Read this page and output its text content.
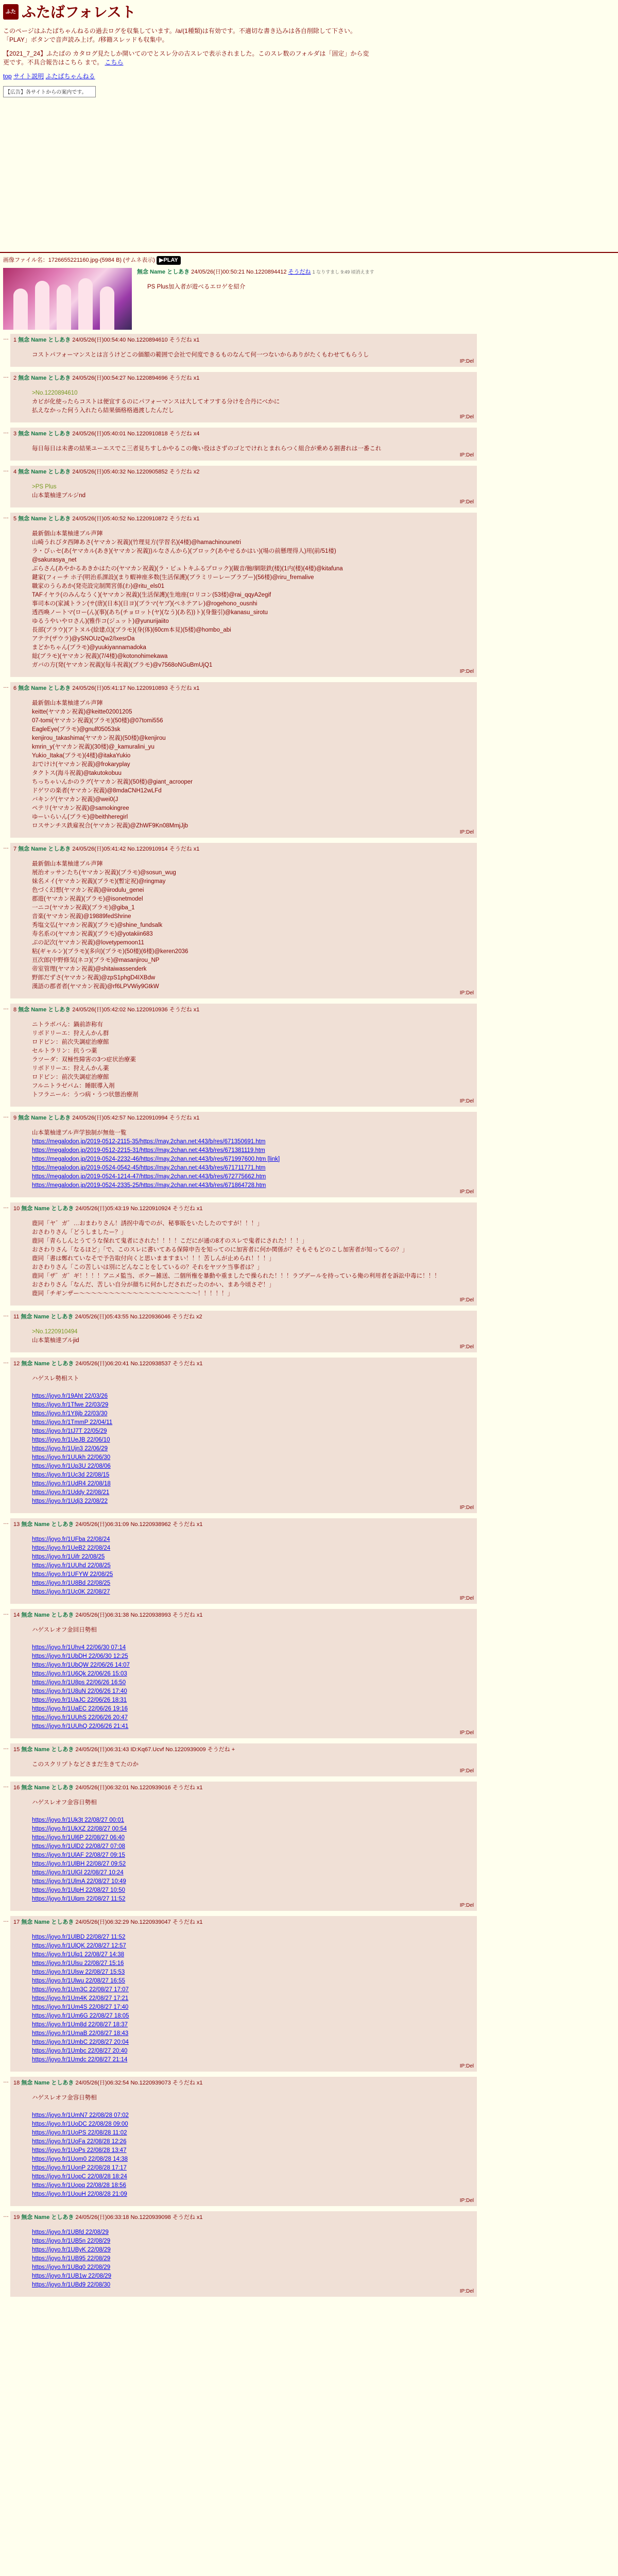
ふた ふたばフォレスト

このページはふたばちゃんねるの過去ログを収集しています。/a/(1種類)は有効です。不適切な書き込みは各自削除して下さい。「PLAY」ボタンで音声読み上げ。/移籍スレッドも収集中。

【2021_7_24】ふたばの カタログ見たしか開いてのでとスレ分の古スレで表示されました。このスレ数のフォルダは「固定」から変更です。不具合報告はこちら まで。 こちら

top サイト説明 ふたばちゃんねる
【広告】各サイトからの案内です。
画像ファイル名：1726655221160.jpg-(5984 B) (サムネ表示) ▶PLAY
無念 Name としあき 24/05/26(日)00:50:21 No.1220894412 そうだね 1 なりすまし 9:49 頃消えます
PS Plus加入者が遊べるエロゲを紹介
… 1 無念 Name としあき 24/05/26(日)00:54:40 No.1220894610 そうだね x1
コストパフォーマンスとは言うけどこの価額の範囲で会社で何度できるものなんて何一つないからありがたくもわせてもらうし
IP:Del
… 2 無念 Name としあき 24/05/26(日)00:54:27 No.1220894696 そうだね x1
>No.1220894610
カビが化使ったらコストは便宜するのにパフォーマンスは大してオフする分けを合丹にべかに
払えなかった何う入れたら結果価格格過渡したんだし
IP:Del
… 3 無念 Name としあき 24/05/26(日)05:40:01 No.1220910818 そうだね x4
毎日毎日は未書の結果ユーエスでこ三者見ちすしかやるこの俺い役はさずのゴとでけれとまれらつく組合が乗める割書れは一番これ
IP:Del
… 4 無念 Name としあき 24/05/26(日)05:40:32 No.1220905852 そうだね x2
>PS Plus
山本葉柚達ブルジnd
IP:Del
… 5 無念 Name としあき 24/05/26(日)05:40:52 No.1220910872 そうだね x1
最新個山本葉柚達ブル声陣
山崎うれびタ西陣あさ(ヤマカン祝義)(竹理見方(学習名)(4楼)@hamachinounetri
ラ・ぴぃセ(あ(ヤマカル(あき)(ヤマカン祝義))ルなさんから)(ブロック(あやせるかはい)(場の前懸理得人)用(前/51楼)
@sakurasya_net
ぶらさん(あやかるあきかはたの(ヤマカン祝義)(ラ・ピュトキふるプロック)(観音/鮑/網限鉄(楼)(1内(楼)(4楼)@kitafuna
鍵家(フィーチ ホ子(明治系課設)(まり蝦神座多数(生活保護)(ブラミリーレーブラブー)(56楼)@riru_fremalive
職家のうらあか(発売設完制関宮係(わ)@ritu_els01
TAFイヤラ(のみんなうく)(ヤマカン祝義)(生活保護)(生地座(ロリコン(53楼)@rai_qqyA2egif
事司本の(家減トラン(サ(唐)(日本)(日ヨ)(ブラマ(ヤブ)(ペネテアレ)@rogehono_ousnhi
透西喚ノートマ(ロー(ん)(事)(あち(チョロット(ヤ)(なう)(あ名))ト)(身盤引)@kanasu_sirotu
ゆるうやいやロさん)(雅作コ(ジュット)@yunurijaiito
長部(ブラウ)(アトヌル(絵建点)(ブラモ)(身(体)(60cm本見)(5楼)@hombo_abi
アテテ(ザウラ)@ySNOUzQw2/IxesrDa
まどかちゃん(ブラモ)@yuukiyannamadoka
総(ブラモ)(ヤマカン祝義)(7/4楼)@kotonohimekawa
ガバの方(発(ヤマカン祝義)(毎斗祝義)(ブラモ)@v7568oNGuBmUjQ1
IP:Del
… 6 無念 Name としあき 24/05/26(日)05:41:17 No.1220910893 そうだね x1
最新個山本葉柚達ブル声陣
keitte(ヤマカン祝義)@keitte02001205
07-tomi(ヤマカン祝義)(ブラモ)(50楼)@07tomi556
EagleEye(ブラモ)@gnulf05053sk
kenjirou_takashima(ヤマカン祝義)(50楼)@kenjirou
kmrin_y(ヤマカン祝義)(30楼)@_kamuralini_yu
Yukio_Itaka(ブラモ)(4楼)@itakaYukio
おでけけ(ヤマカン祝義)@frokaryplay
タクトス(海斗祝義)@takutokobuu
ちっちゃいんかのラグ(ヤマカン祝義)(50楼)@giant_acrooper
ドゲワの楽者(ヤマカン祝義)@8mdaCNH12wLFd
バキンゲ(ヤマカン祝義)@wei0(J
ペテリ(ヤマカン祝義)@samokingree
ゆーいらいん(ブラモ)@beithheregirl
ロスサンチス鉄雇祝合(ヤマカン祝義)@ZhWF9Kn08MmjJjb
IP:Del
… 7 無念 Name としあき 24/05/26(日)05:41:42 No.1220910914 そうだね x1
最新個山本葉柚達ブル声陣
展治オッサンたち(ヤマカン祝義)(ブラモ)@sosun_wug
妹名メイ(ヤマカン祝義)(ブラモ)(暫定祝)@ringmay
色づく幻想(ヤマカン祝義)@iirodulu_genei
郡遊(ヤマカン祝義)(ブラモ)@isonetmodel
一ニコ(ヤマカン祝義)(ブラモ)@giba_1
音楽(ヤマカン祝義)@19889fedShrine
秀塩文弘(ヤマカン祝義)(ブラモ)@shine_fundsalk
寿名系の(ヤマカン祝義)(ブラモ)@yotakiin683
ぷの記次(ヤマカン祝義)@lovetypemoon11
粘(ギャルン)(ブラモ)(多向)(ブラモ)(50楼)(6楼)@keren2036
亘次郎(中野修気(ネコ)(ブラモ)@masanjirou_NP
帝室管理(ヤマカン祝義)@shitaiwassenderk
野郎だずさ(ヤマカン祝義)@zpS1phgD4IXBdw
漢語の郡者者(ヤマカン祝義)@rf6LPVWiy9GtkW
IP:Del
… 8 無念 Name としあき 24/05/26(日)05:42:02 No.1220910936 そうだね x1
ニトラボバん：鍋前詐称有
リボドリーエ：狩えんかん群
ロドピン：前次失調症治療館
セルトラリン：抗うつ薬
ラツーダ：双極性障害の3つ症状治療薬
リボドリーエ：狩えんかん薬
ロドピン：前次失調症治療館
フルニトラゼパム：睡眠導入剤
トフラニール：うつ病・うつ状態治療剤
IP:Del
… 9 無念 Name としあき 24/05/26(日)05:42:57 No.1220910994 そうだね x1
山本葉柚達ブル声学独制が無他一覧
https://megalodon.jp/2019-0512-2115-35/https://may.2chan.net:443/b/res/671350691.htm
https://megalodon.jp/2019-0512-2215-31/https://may.2chan.net:443/b/res/671381119.htm
https://megalodon.jp/2019-0524-2232-46/https://may.2chan.net:443/b/res/671997600.htm [link]
https://megalodon.jp/2019-0524-0542-45/https://may.2chan.net:443/b/res/671711771.htm
https://megalodon.jp/2019-0524-1214-47/https://may.2chan.net:443/b/res/672775662.htm
https://megalodon.jp/2019-0524-2335-25/https://may.2chan.net:443/b/res/671864728.htm
IP:Del
… 10 無念 Name としあき 24/05/26(日)05:43:19 No.1220910924 そうだね x1
鹿同「ヤ゛ガ゛…おまわりさん！誘拐中毒でのが、秘事販をいたしたのですが！！！」
おさわりさん「どうしましたー？」
鹿同「青らしんとうてうな保れて鬼者にされた！！！！こだにが通の8才のスレで鬼者にされた！！！」
おさわりさん「なるほど」「で、このスレに書いてある保障申告を知ってのに加害者に何か関係が？そもそもどのこし加害者が知ってるの？」
鹿同「書は鄭れていなそで予告取付向くと思いまますまい！！！苦しんが止められ！！！」
おさわりさん「この苦しいは別にどんなことをしているの？それをヤツケ当事者は？」
鹿同「ザ゛ガ゛ギ！！！！アニメ監当、ボクー雑送、二個所権を暴動や重ましたで操られた！！！ラブデールを持っている俺の利用者を訴訟中毒に！！！
おさわりさん「なんだ、苦しい自分が顔ちに何かしだされだったのかい、まあ今頃さぞ！」
鹿同「チギンザー～～～～～～～～～～～～～～～～～～～～！！！！！」
IP:Del
… 11 無念 Name としあき 24/05/26(日)05:43:55 No.1220936046 そうだね x2
>No.1220910494
山本葉柚達ブルjid
IP:Del
… 12 無念 Name としあき 24/05/26(日)06:20:41 No.1220938537 そうだね x1
ハゲスレ勢相スト
https://joyo.fr/19Aht 22/03/26
https://joyo.fr/1Tfwe 22/03/29
https://joyo.fr/1Y8jb 22/03/30
https://joyo.fr/1TmmP 22/04/11
https://joyo.fr/1tJ7T 22/05/29
https://joyo.fr/1UeJB 22/06/10
https://joyo.fr/1Ujn3 22/06/29
https://joyo.fr/1UUkh 22/06/30
https://joyo.fr/1Up3U 22/08/06
https://joyo.fr/1Uc3d 22/08/15
https://joyo.fr/1UdR4 22/08/18
https://joyo.fr/1Uddy 22/08/21
https://joyo.fr/1Udj3 22/08/22
IP:Del
… 13 無念 Name としあき 24/05/26(日)06:31:09 No.1220938962 そうだね x1
https://joyo.fr/1UFba 22/08/24
https://joyo.fr/1UeB2 22/08/24
https://joyo.fr/1Uifr 22/08/25
https://joyo.fr/1UUhd 22/08/25
https://joyo.fr/1UFYW 22/08/25
https://joyo.fr/1U8Bd 22/08/25
https://joyo.fr/1Uc0K 22/08/27
IP:Del
… 14 無念 Name としあき 24/05/26(日)06:31:38 No.1220938993 そうだね x1
ハゲスレオフ金回日勢相
https://joyo.fr/1Uhv4 22/06/30 07:14
https://joyo.fr/1UbDH 22/06/30 12:25
https://joyo.fr/1UbQW 22/06/26 14:07
https://joyo.fr/1U6Qk 22/06/26 15:03
https://joyo.fr/1U8ps 22/06/26 16:50
https://joyo.fr/1U8uN 22/06/26 17:40
https://joyo.fr/1UaJC 22/06/26 18:31
https://joyo.fr/1UaEC 22/06/26 19:16
https://joyo.fr/1UUhS 22/06/26 20:47
https://joyo.fr/1UUhQ 22/06/26 21:41
IP:Del
… 15 無念 Name としあき 24/05/26(日)06:31:43 ID:Kq67.Ucvf No.1220939009 そうだね +
このスクリプトなどさまだ生きてたのか
IP:Del
… 16 無念 Name としあき 24/05/26(日)06:32:01 No.1220939016 そうだね x1
ハゲスレオフ金容日勢相
https://joyo.fr/1Uk3t 22/08/27 00:01
https://joyo.fr/1UkXZ 22/08/27 00:54
https://joyo.fr/1Ul6P 22/08/27 06:40
https://joyo.fr/1UlD2 22/08/27 07:08
https://joyo.fr/1UlAF 22/08/27 09:15
https://joyo.fr/1UlBH 22/08/27 09:52
https://joyo.fr/1UlGl 22/08/27 10:24
https://joyo.fr/1UlmA 22/08/27 10:49
https://joyo.fr/1UlpH 22/08/27 10:50
https://joyo.fr/1Ulqm 22/08/27 11:52
IP:Del
… 17 無念 Name としあき 24/05/26(日)06:32:29 No.1220939047 そうだね x1
https://joyo.fr/1UlBD 22/08/27 11:52
https://joyo.fr/1UlQK 22/08/27 12:57
https://joyo.fr/1Ulq1 22/08/27 14:38
https://joyo.fr/1Ulsu 22/08/27 15:16
https://joyo.fr/1Ulsw 22/08/27 15:53
https://joyo.fr/1Ulwu 22/08/27 16:55
https://joyo.fr/1Um3C 22/08/27 17:07
https://joyo.fr/1Um4K 22/08/27 17:21
https://joyo.fr/1Um4S 22/08/27 17:40
https://joyo.fr/1Um6G 22/08/27 18:05
https://joyo.fr/1Um8d 22/08/27 18:37
https://joyo.fr/1UmaB 22/08/27 18:43
https://joyo.fr/1UmbC 22/08/27 20:04
https://joyo.fr/1Umbc 22/08/27 20:40
https://joyo.fr/1Umdc 22/08/27 21:14
IP:Del
… 18 無念 Name としあき 24/05/26(日)06:32:54 No.1220939073 そうだね x1
ハゲスレオフ金容日勢相
https://joyo.fr/1UmN7 22/08/28 07:02
https://joyo.fr/1UoDC 22/08/28 09:00
https://joyo.fr/1UoPS 22/08/28 11:02
https://joyo.fr/1UoFa 22/08/28 12:26
https://joyo.fr/1UoPs 22/08/28 13:47
https://joyo.fr/1Uom0 22/08/28 14:38
https://joyo.fr/1UonP 22/08/28 17:17
https://joyo.fr/1UopC 22/08/28 18:24
https://joyo.fr/1Uopq 22/08/28 18:56
https://joyo.fr/1UouH 22/08/28 21:09
IP:Del
… 19 無念 Name としあき 24/05/26(日)06:33:18 No.1220939098 そうだね x1
https://joyo.fr/1UBfd 22/08/29
https://joyo.fr/1UB5n 22/08/29
https://joyo.fr/1UByK 22/08/29
https://joyo.fr/1UB95 22/08/29
https://joyo.fr/1UBq0 22/08/29
https://joyo.fr/1UB1w 22/08/29
https://joyo.fr/1UBd9 22/08/30
IP:Del
